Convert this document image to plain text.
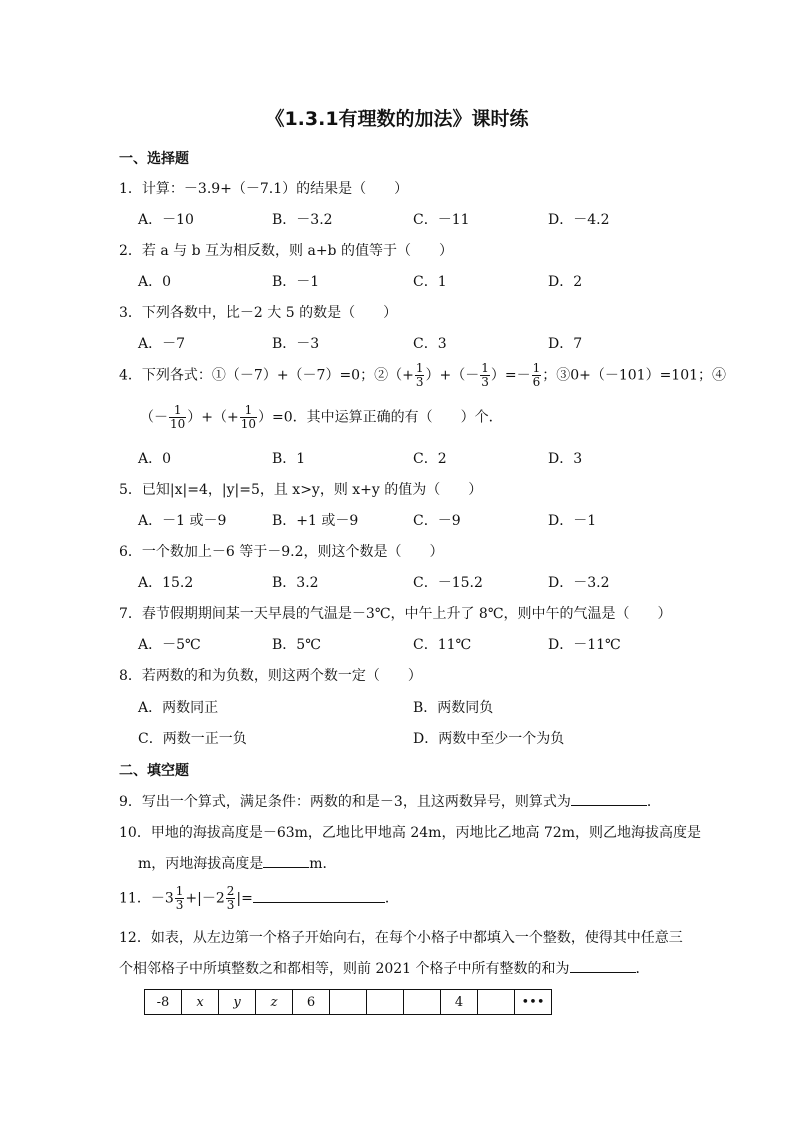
《1.3.1有理数的加法》课时练
一、选择题
1．计算：－3.9+（－7.1）的结果是（　　）
A．－10	B．－3.2	C．－11	D．－4.2
2．若 a 与 b 互为相反数，则 a+b 的值等于（　　）
A．0	B．－1	C．1	D．2
3．下列各数中，比－2 大 5 的数是（　　）
A．－7	B．－3	C．3	D．7
4．下列各式：①（－7）+（－7）=0；②（+ $\frac{1}{3}$ ）+（－ $\frac{1}{3}$ ）=－ $\frac{1}{6}$ ；③0+（－101）=101；④
（－ $\frac{1}{10}$ ）+（+ $\frac{1}{10} )=0$．其中运算正确的有（　　）个．
A．0	B．1	C．2	D．3
5．已知|x|=4，|y|=5，且 x>y，则 x+y 的值为（　　）
A．－1 或－9	B．+1 或－9	C．－9	D．－1
6．一个数加上－6 等于－9.2，则这个数是（　　）
A．15.2	B．3.2	C．－15.2	D．－3.2
7．春节假期期间某一天早晨的气温是－3℃，中午上升了 8℃，则中午的气温是（　　）
A．－5℃	B．5℃	C．11℃	D．－11℃
8．若两数的和为负数，则这两个数一定（　　）
A．两数同正	B．两数同负
C．两数一正一负	D．两数中至少一个为负
二、填空题
9．写出一个算式，满足条件：两数的和是－3，且这两数异号，则算式为	．
10．甲地的海拔高度是－63m，乙地比甲地高 24m，丙地比乙地高 72m，则乙地海拔高度是
m，丙地海拔高度是	m．
11．$-3 \frac{1}{3} +|-2 \frac{2}{3}$ |=	．
12．如表，从左边第一个格子开始向右，在每个小格子中都填入一个整数，使得其中任意三
个相邻格子中所填整数之和都相等，则前 2021 个格子中所有整数的和为	．
-8	x	y	z	6				4		•••
